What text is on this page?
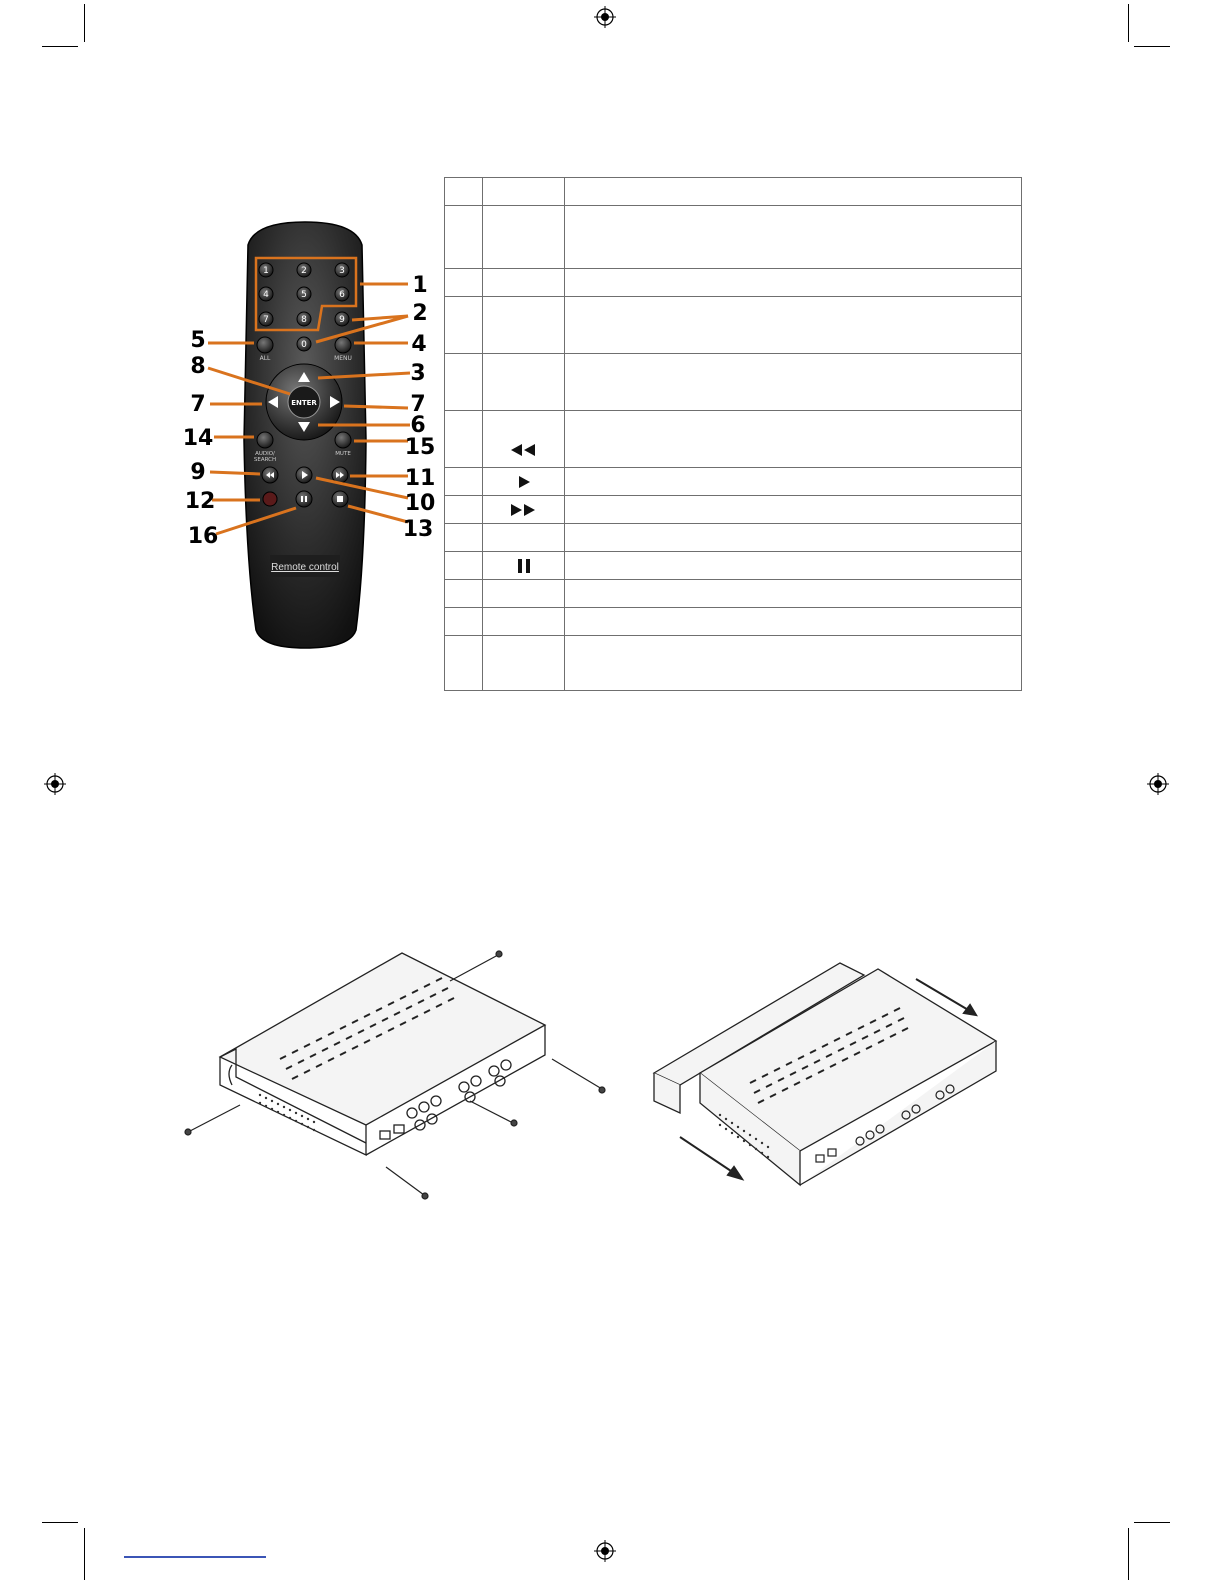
1	2	3
4	5	6
7	8	9
0
ALL	MENU
ENTER
AUDIO/
SEARCH
MUTE
Remote control
1
2
5	4
8	3
7	7
6
14	15
9	11
12	10
13
16
